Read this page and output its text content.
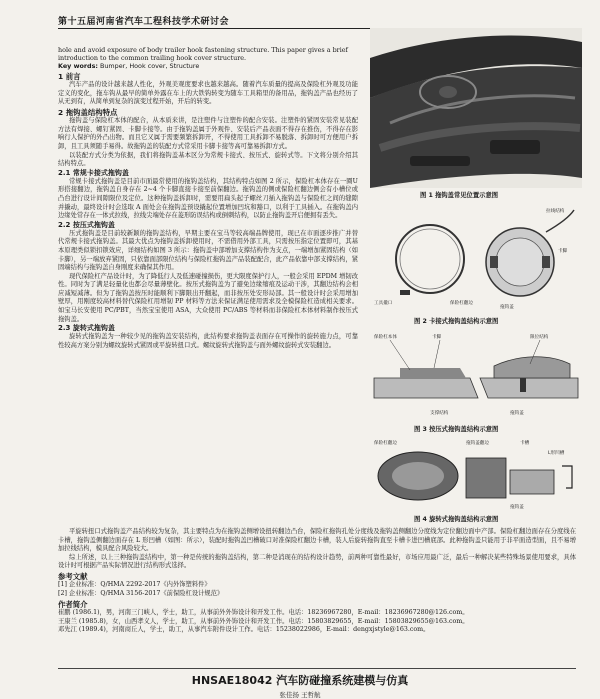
第十五届河南省汽车工程科技学术研讨会
hole and avoid exposure of body trailer hook fastening structure. This paper gives a brief
introduction to the common trailing hook cover structure.
Key words: Bumper, Hook cover, Structure
1 前言

汽车产品的设计越来越人性化，外观美观度要求也越来越高。随着汽车质量的提高及保险杠外观及功能定义的变化，拖车钩从最早的简单外露在车上的大铁钩转变为随车工具箱里的备用品，拖钩盖产品也经历了从无到有，从简单到复杂的演变过程开始，开后的转变。

2 拖钩盖结构特点

拖钩盖与保险杠本体的配合，从本质来讲，是注塑件与注塑件的配合安装。注塑件的紧固安装常见装配方法有焊接、螺钉紧固、卡脚卡接等。由于拖钩盖属于外观件、安装后产品表面不得存在推伤，不得存在影响行人保护的外凸出物。而且它又属于需要频繁拆卸开，不得使用工具拆卸不易脱落、拆卸时可方便用户拆卸，且工具须随手易得。故拖钩盖的装配方式常采用卡脚卡接等高可靠易拆卸方式。

以装配方式分类为依据，我们将拖钩盖基本区分为常规卡接式、按压式、旋转式等。下文将分别介绍其结构特点。

2.1 常规卡接式拖钩盖

常规卡接式拖钩盖是目前市面最常使用的拖钩盖结构，其结构特点如图 2 所示，保险杠本体存在一圈U形搭接翻边，拖钩盖自身存在 2~4 个卡脚直接卡接至前保翻边。拖钩盖的侧或保险杠翻边侧会有小槽位或凸台进行设计间隙限位及定位。这种拖钩盖拆卸时，需要用扁头起子螺丝刀插入拖钩盖与保险杠之间的缝隙并撬动，最终设计时会选取 A 面处会在拖钩盖预设撬起位置增加凹坑和豁口，以利于工具插入。在拖钩盖内边缘处常存在一体式拉线，拉线尖端处存在菱形防误结构或倒刺结构，以防止拖钩盖开启便拥有丢失。

2.2 按压式拖钩盖

压式拖钩盖是目前较新颖的拖钩盖结构，早期主要在宝马等较高端品牌使用，现已在市面逐步推广并替代常规卡接式拖钩盖。其最大优点为拖钩盖拆卸使用时，不需借用外部工具，只需按压指定位置即可，其基本原理类似锁扣锁效应，详细结构如图 3 所示：拖钩盖中部增加支撑结构作为支点，一端增加紧固结构（如卡脚），另一端放弃紧固，只依靠面部限位结构与保险杠拖钩盖产品装配配合，此产品依靠中部支撑结构，紧固端结构与拖钩盖自身刚度来确保其作用。

现代保险杠产品设计时，为了降低行人及低速碰撞损伤，更大限度保护行人，一般会采用 EPDM 增韧改性。同时为了满足轻量化也都会尽量薄壁化。按压式拖钩盖为了避免边缘缩痕及运动干涉，其翻边结构会相应减短减薄。但为了拖钩盖按压时能顺利下脚限出开翻起，而非按压处安形局部。其一般设计时会采用增加壁厚，用刚度较高材料替代保险杠用增韧 PP 材料等方法来保证满足使用需求及全模保险杠造成相关要求。如宝马长安使用 PC/PBT，当然宝宝使用 ASA，大众使用 PC/ABS 等材料而非保险杠本体材料制作按压式拖钩盖。

2.3 旋转式拖钩盖

旋转式拖钩盖为一种较少见的拖钩盖安装结构，此结构要求拖钩盖表面存在可操作的旋转施力点，可靠性较高方案分别为螺纹旋转式紧固或平旋转扭口式。螺纹旋转式拖钩盖与面外螺纹旋转式安装翻边。

图 1 拖钩盖常见位置示意图
拉线结构
卡脚
工具撬口	保险杠翻边
拖钩盖
图 2 卡接式拖钩盖结构示意图
保险杠本体	卡脚	限位结构
支撑结构	拖钩盖
图 3 按压式拖钩盖结构示意图
保险杠翻边	拖钩盖翻边	卡槽
L形凹槽
拖钩盖
图 4 旋转式拖钩盖结构示意图

平旋转扭口式拖钩盖产品结构较为复杂，其主要特点为在拖钩盖侧增设扭转翻边凸台，保险杠拖钩孔处分度线及拖钩盖侧翻边分度线为定位翻边面中产部。保险杠翻边面存在分度线在卡槽，拖钩盖侧翻边面存在 L 形凹槽（如图：所示），装配时拖钩盖凹槽破口对准保险杠翻边卡槽，装人后旋转拖钩直至卡槽卡进凹槽底部。此种拖钩盖只能用于非平面造型面，且不易增加拉线结构，模具配合风险较大。

综上所述，以上三种拖钩盖结构中，第一种是传统的拖钩盖结构，第二种是消现在的结构设计趋势，前两种可靠性最好，市场应用最广泛，最后一种解决某些特殊场景使用要求，具体设计时可根据产品实际情况进行结构形式选择。

参考文献

[1] 企业标准：Q/HMA 2292-2017《内外饰塑料件》

[2] 企业标准：Q/HMA 3156-2017《前保险杠设计规范》

作者简介

崔鹏 (1986.1)，男，河南三门峡人，学士，助工，从事前外外饰设计和开发工作。电话：18236967280，E-mail：18236967280@126.com。

王康兰 (1985.8)，女，山西孝义人，学士，助工，从事前外外饰设计和开发工作。电话：15803829655，E-mail：15803829655@163.com。

邓先江 (1989.4)，河南商丘人，学士，助工，从事汽车附件设计工作。电话：15238022986，E-mail：dengxjstyle@163.com。

HNSAE18042 汽车防碰撞系统建模与仿真
张佳扬 王哲航
